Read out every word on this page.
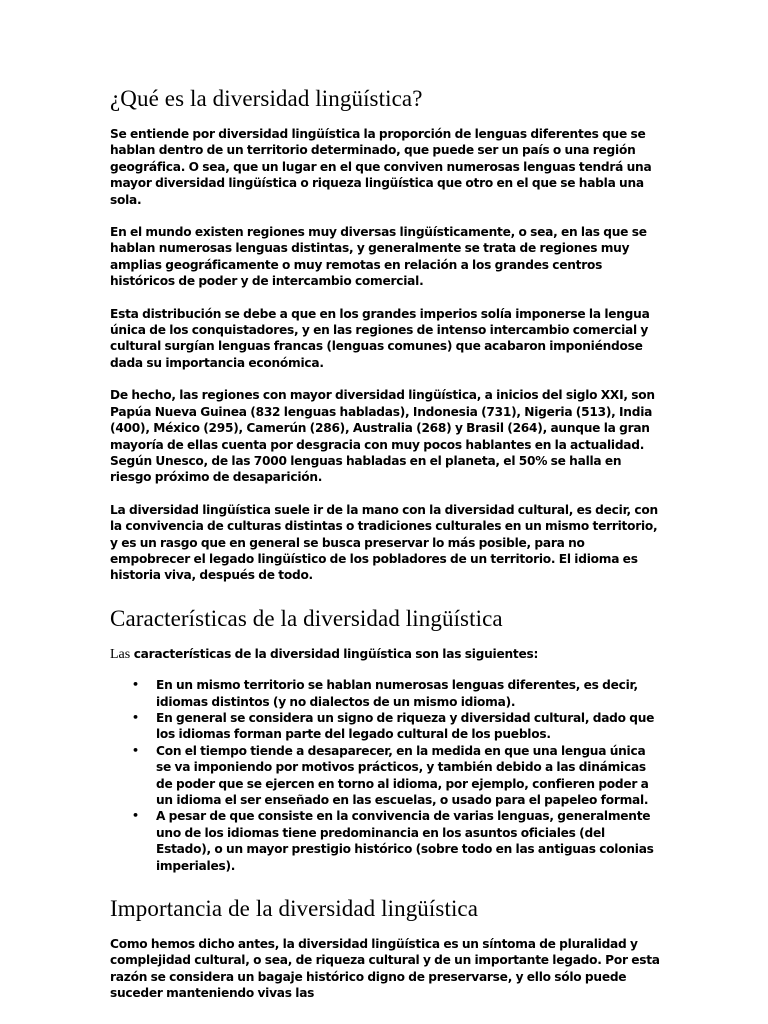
¿Qué es la diversidad lingüística?

Se entiende por diversidad lingüística la proporción de lenguas diferentes que se hablan dentro de un territorio determinado, que puede ser un país o una región geográfica. O sea, que un lugar en el que conviven numerosas lenguas tendrá una mayor diversidad lingüística o riqueza lingüística que otro en el que se habla una sola.

En el mundo existen regiones muy diversas lingüísticamente, o sea, en las que se hablan numerosas lenguas distintas, y generalmente se trata de regiones muy amplias geográficamente o muy remotas en relación a los grandes centros históricos de poder y de intercambio comercial.

Esta distribución se debe a que en los grandes imperios solía imponerse la lengua única de los conquistadores, y en las regiones de intenso intercambio comercial y cultural surgían lenguas francas (lenguas comunes) que acabaron imponiéndose dada su importancia económica.

De hecho, las regiones con mayor diversidad lingüística, a inicios del siglo XXI, son Papúa Nueva Guinea (832 lenguas habladas), Indonesia (731), Nigeria (513), India (400), México (295), Camerún (286), Australia (268) y Brasil (264), aunque la gran mayoría de ellas cuenta por desgracia con muy pocos hablantes en la actualidad. Según Unesco, de las 7000 lenguas habladas en el planeta, el 50% se halla en riesgo próximo de desaparición.

La diversidad lingüística suele ir de la mano con la diversidad cultural, es decir, con la convivencia de culturas distintas o tradiciones culturales en un mismo territorio, y es un rasgo que en general se busca preservar lo más posible, para no empobrecer el legado lingüístico de los pobladores de un territorio. El idioma es historia viva, después de todo.

Características de la diversidad lingüística

Las características de la diversidad lingüística son las siguientes:

• En un mismo territorio se hablan numerosas lenguas diferentes, es decir, idiomas distintos (y no dialectos de un mismo idioma).
• En general se considera un signo de riqueza y diversidad cultural, dado que los idiomas forman parte del legado cultural de los pueblos.
• Con el tiempo tiende a desaparecer, en la medida en que una lengua única se va imponiendo por motivos prácticos, y también debido a las dinámicas de poder que se ejercen en torno al idioma, por ejemplo, confieren poder a un idioma el ser enseñado en las escuelas, o usado para el papeleo formal.
• A pesar de que consiste en la convivencia de varias lenguas, generalmente uno de los idiomas tiene predominancia en los asuntos oficiales (del Estado), o un mayor prestigio histórico (sobre todo en las antiguas colonias imperiales).
Importancia de la diversidad lingüística

Como hemos dicho antes, la diversidad lingüística es un síntoma de pluralidad y complejidad cultural, o sea, de riqueza cultural y de un importante legado. Por esta razón se considera un bagaje histórico digno de preservarse, y ello sólo puede suceder manteniendo vivas las
